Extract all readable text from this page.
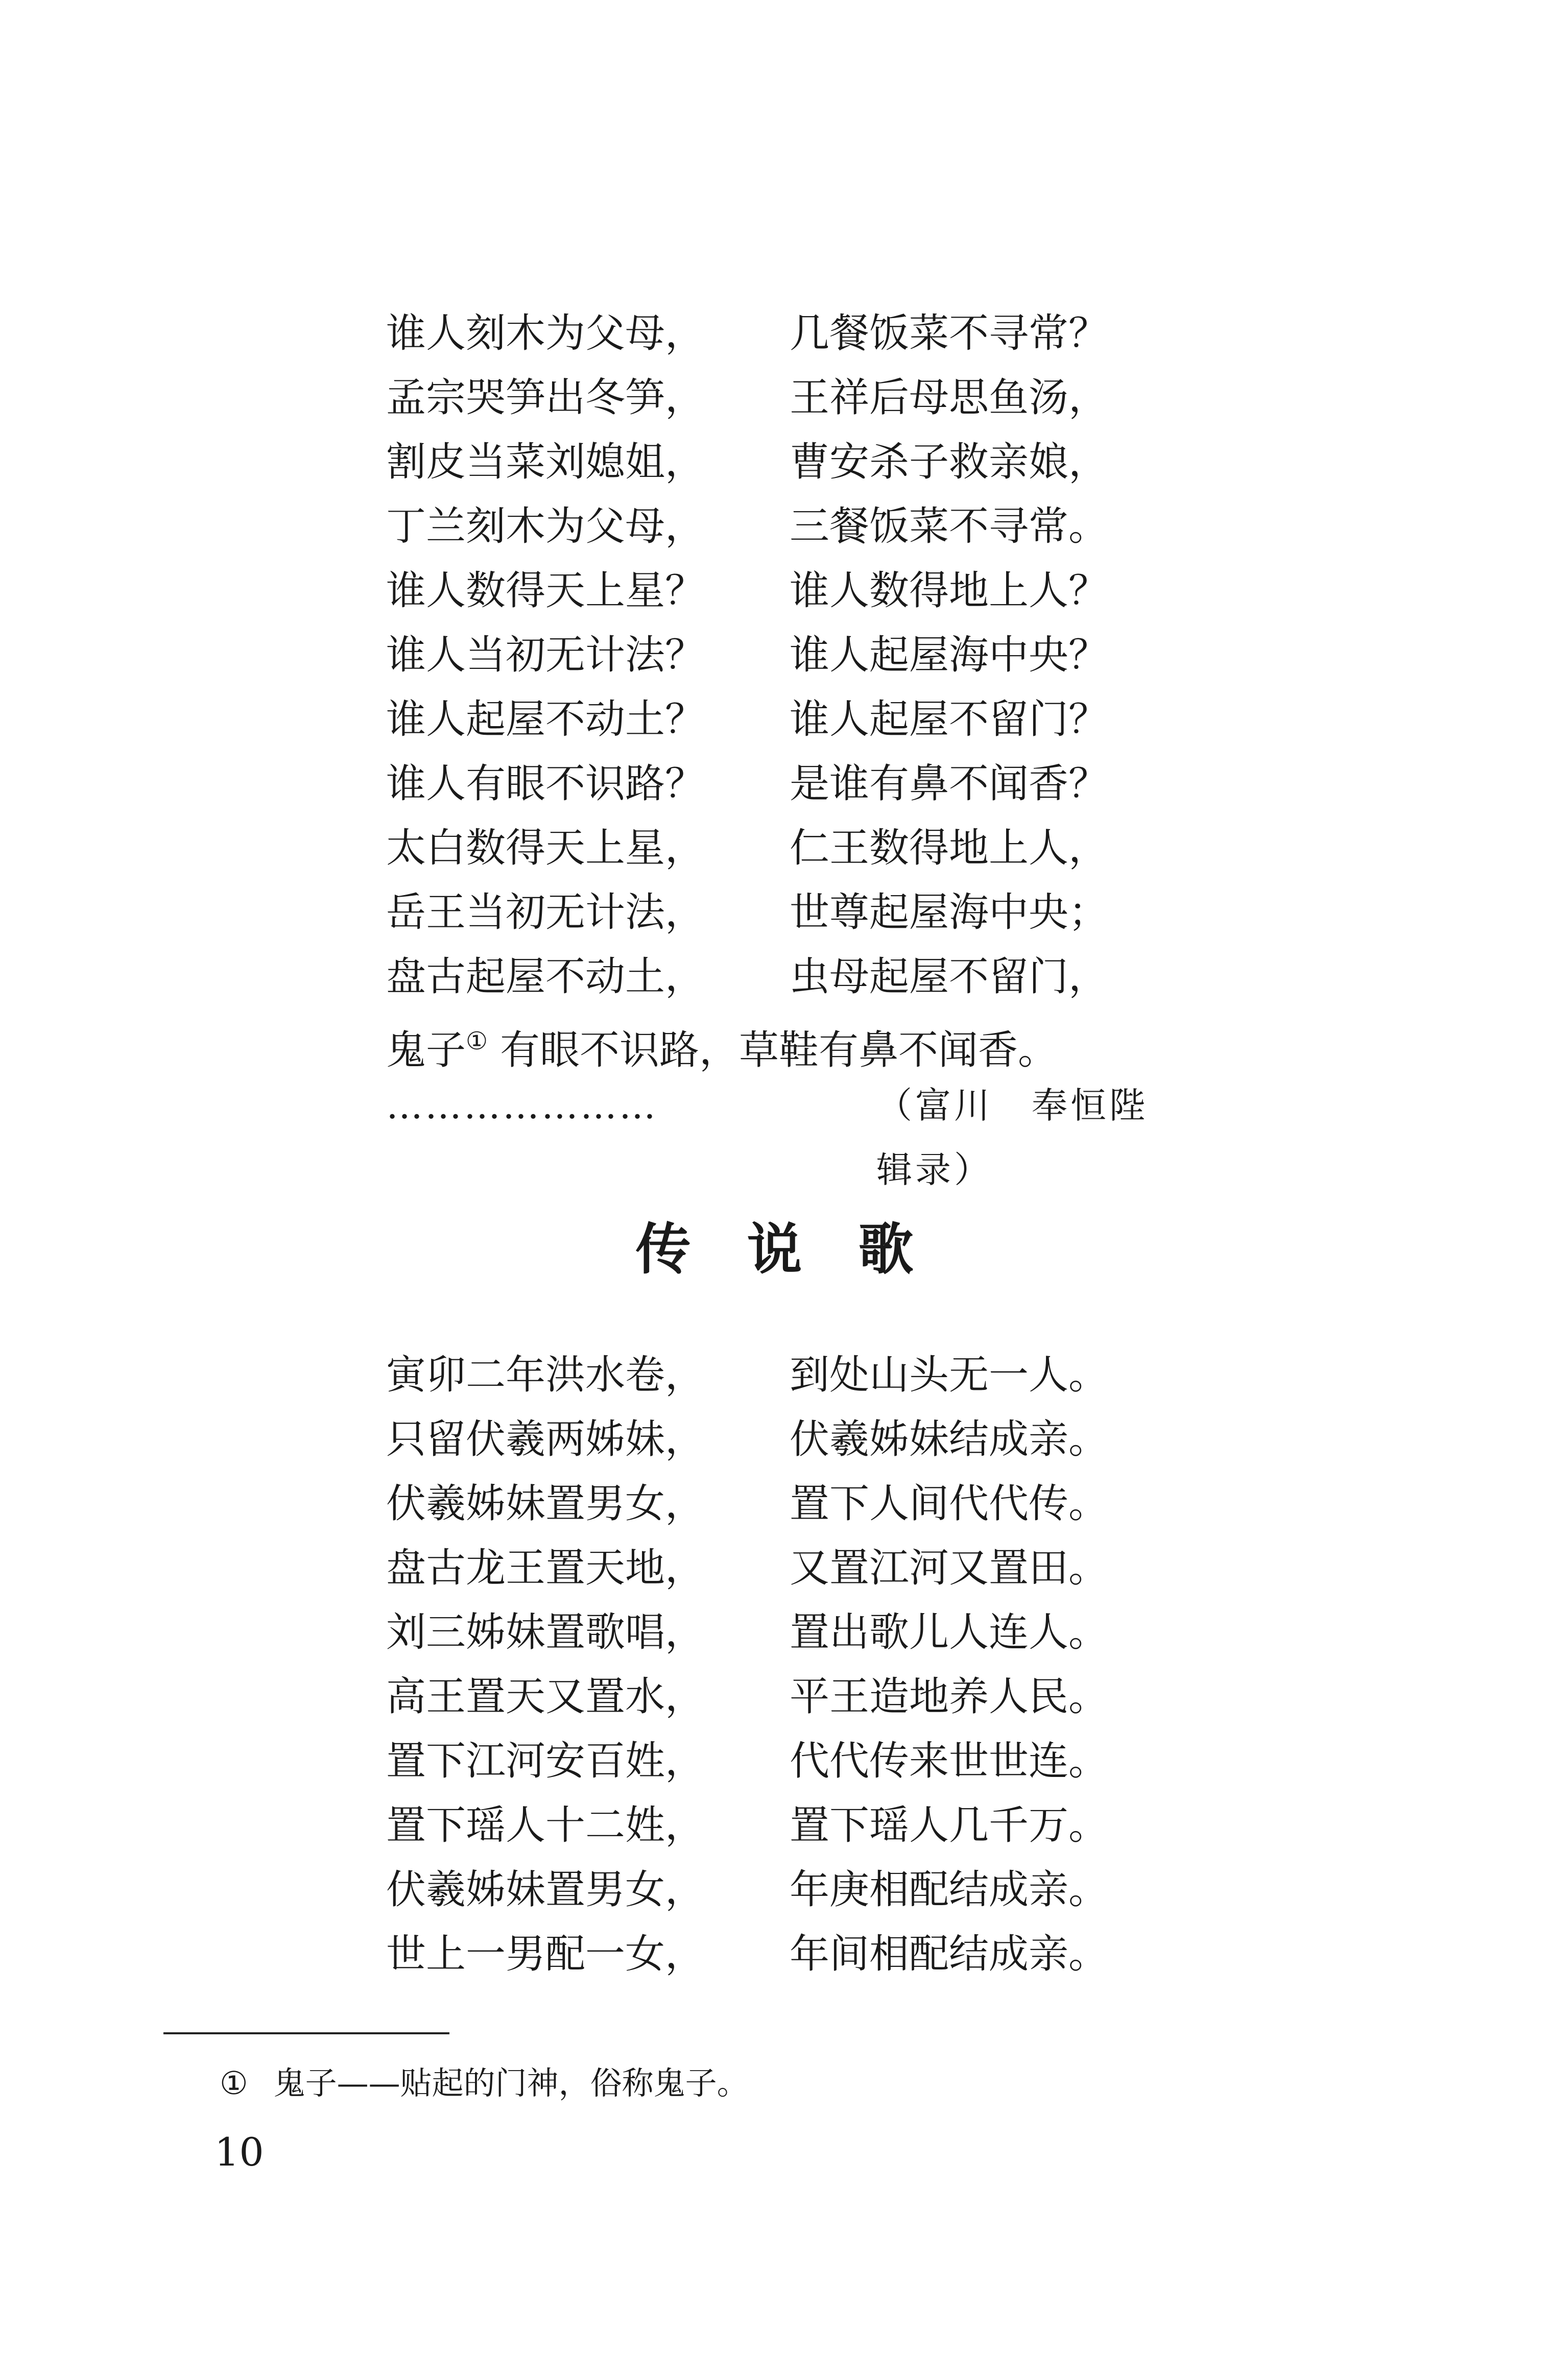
谁人刻木为父母， 几餐饭菜不寻常？
孟宗哭笋出冬笋， 王祥后母思鱼汤，
割皮当菜刘媳姐， 曹安杀子救亲娘，
丁兰刻木为父母， 三餐饭菜不寻常。
谁人数得天上星？ 谁人数得地上人？
谁人当初无计法？ 谁人起屋海中央？
谁人起屋不动土？ 谁人起屋不留门？
谁人有眼不识路？ 是谁有鼻不闻香？
太白数得天上星， 仁王数得地上人，
岳王当初无计法， 世尊起屋海中央；
盘古起屋不动土， 虫母起屋不留门，
鬼子① 有眼不识路，草鞋有鼻不闻香。
…………………	（富川　奉恒陛辑录）
传说歌
寅卯二年洪水卷， 到处山头无一人。
只留伏羲两姊妹， 伏羲姊妹结成亲。
伏羲姊妹置男女， 置下人间代代传。
盘古龙王置天地， 又置江河又置田。
刘三姊妹置歌唱， 置出歌儿人连人。
高王置天又置水， 平王造地养人民。
置下江河安百姓， 代代传来世世连。
置下瑶人十二姓， 置下瑶人几千万。
伏羲姊妹置男女， 年庚相配结成亲。
世上一男配一女， 年间相配结成亲。
① 鬼子——贴起的门神，俗称鬼子。
10
